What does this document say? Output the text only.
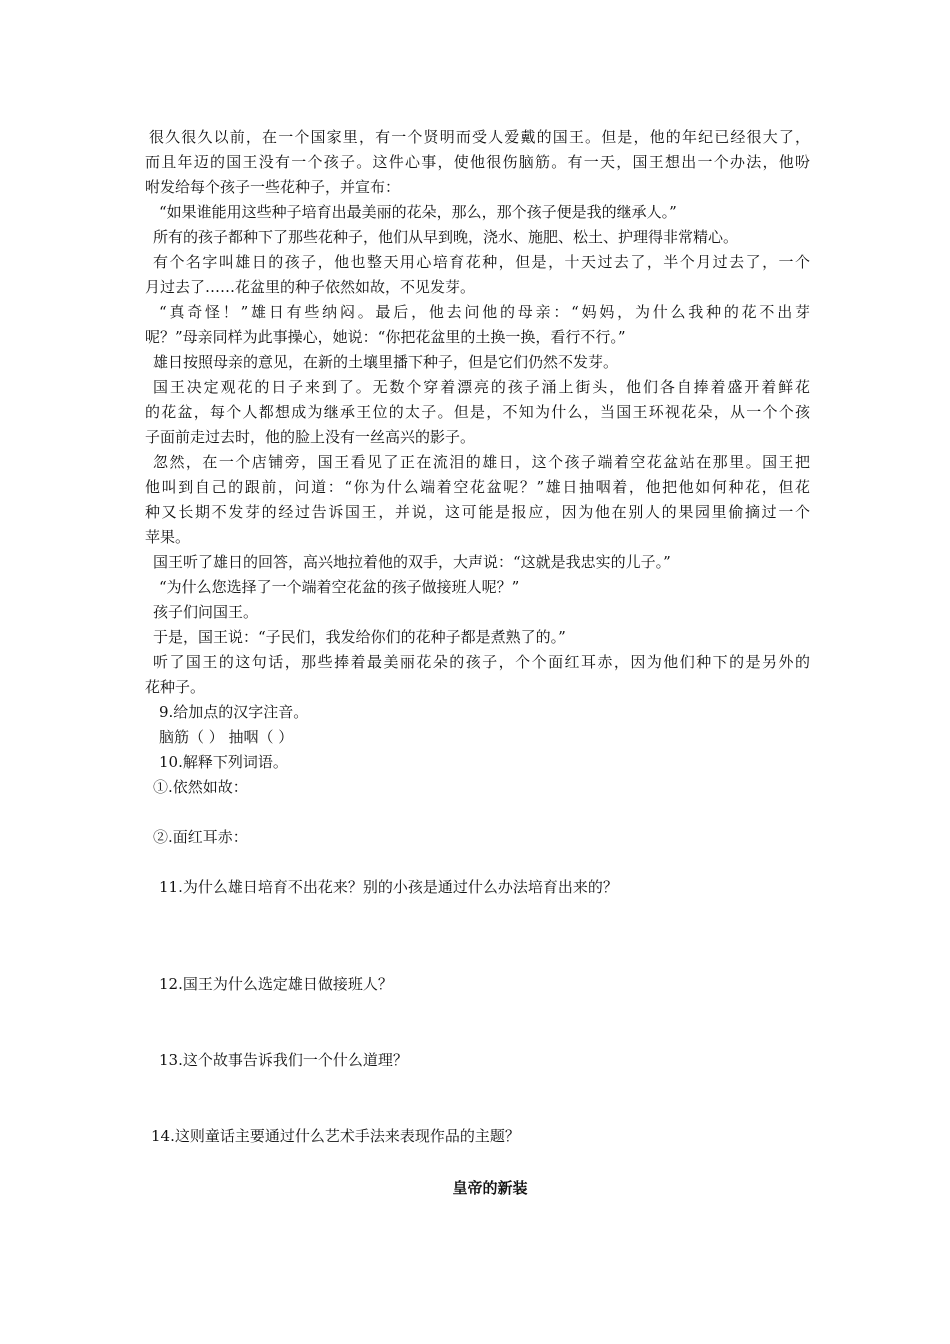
很久很久以前，在一个国家里，有一个贤明而受人爱戴的国王。但是，他的年纪已经很大了，
而且年迈的国王没有一个孩子。这件心事，使他很伤脑筋。有一天，国王想出一个办法，他吩
咐发给每个孩子一些花种子，并宣布：
“如果谁能用这些种子培育出最美丽的花朵，那么，那个孩子便是我的继承人。”
所有的孩子都种下了那些花种子，他们从早到晚，浇水、施肥、松土、护理得非常精心。
有个名字叫雄日的孩子，他也整天用心培育花种，但是，十天过去了，半个月过去了，一个
月过去了……花盆里的种子依然如故，不见发芽。
“真奇怪！”雄日有些纳闷。最后，他去问他的母亲：“妈妈，为什么我种的花不出芽
呢？”母亲同样为此事操心，她说：“你把花盆里的土换一换，看行不行。”
雄日按照母亲的意见，在新的土壤里播下种子，但是它们仍然不发芽。
国王决定观花的日子来到了。无数个穿着漂亮的孩子涌上街头，他们各自捧着盛开着鲜花
的花盆，每个人都想成为继承王位的太子。但是，不知为什么，当国王环视花朵，从一个个孩
子面前走过去时，他的脸上没有一丝高兴的影子。
忽然，在一个店铺旁，国王看见了正在流泪的雄日，这个孩子端着空花盆站在那里。国王把
他叫到自己的跟前，问道：“你为什么端着空花盆呢？”雄日抽咽着，他把他如何种花，但花
种又长期不发芽的经过告诉国王，并说，这可能是报应，因为他在别人的果园里偷摘过一个
苹果。
国王听了雄日的回答，高兴地拉着他的双手，大声说：“这就是我忠实的儿子。”
“为什么您选择了一个端着空花盆的孩子做接班人呢？”
孩子们问国王。
于是，国王说：“子民们，我发给你们的花种子都是煮熟了的。”
听了国王的这句话，那些捧着最美丽花朵的孩子，个个面红耳赤，因为他们种下的是另外的
花种子。
9.给加点的汉字注音。
脑筋（ ） 抽咽（ ）
10.解释下列词语。
①.依然如故：
②.面红耳赤：
11.为什么雄日培育不出花来？别的小孩是通过什么办法培育出来的？
12.国王为什么选定雄日做接班人？
13.这个故事告诉我们一个什么道理？
14.这则童话主要通过什么艺术手法来表现作品的主题？
皇帝的新装
